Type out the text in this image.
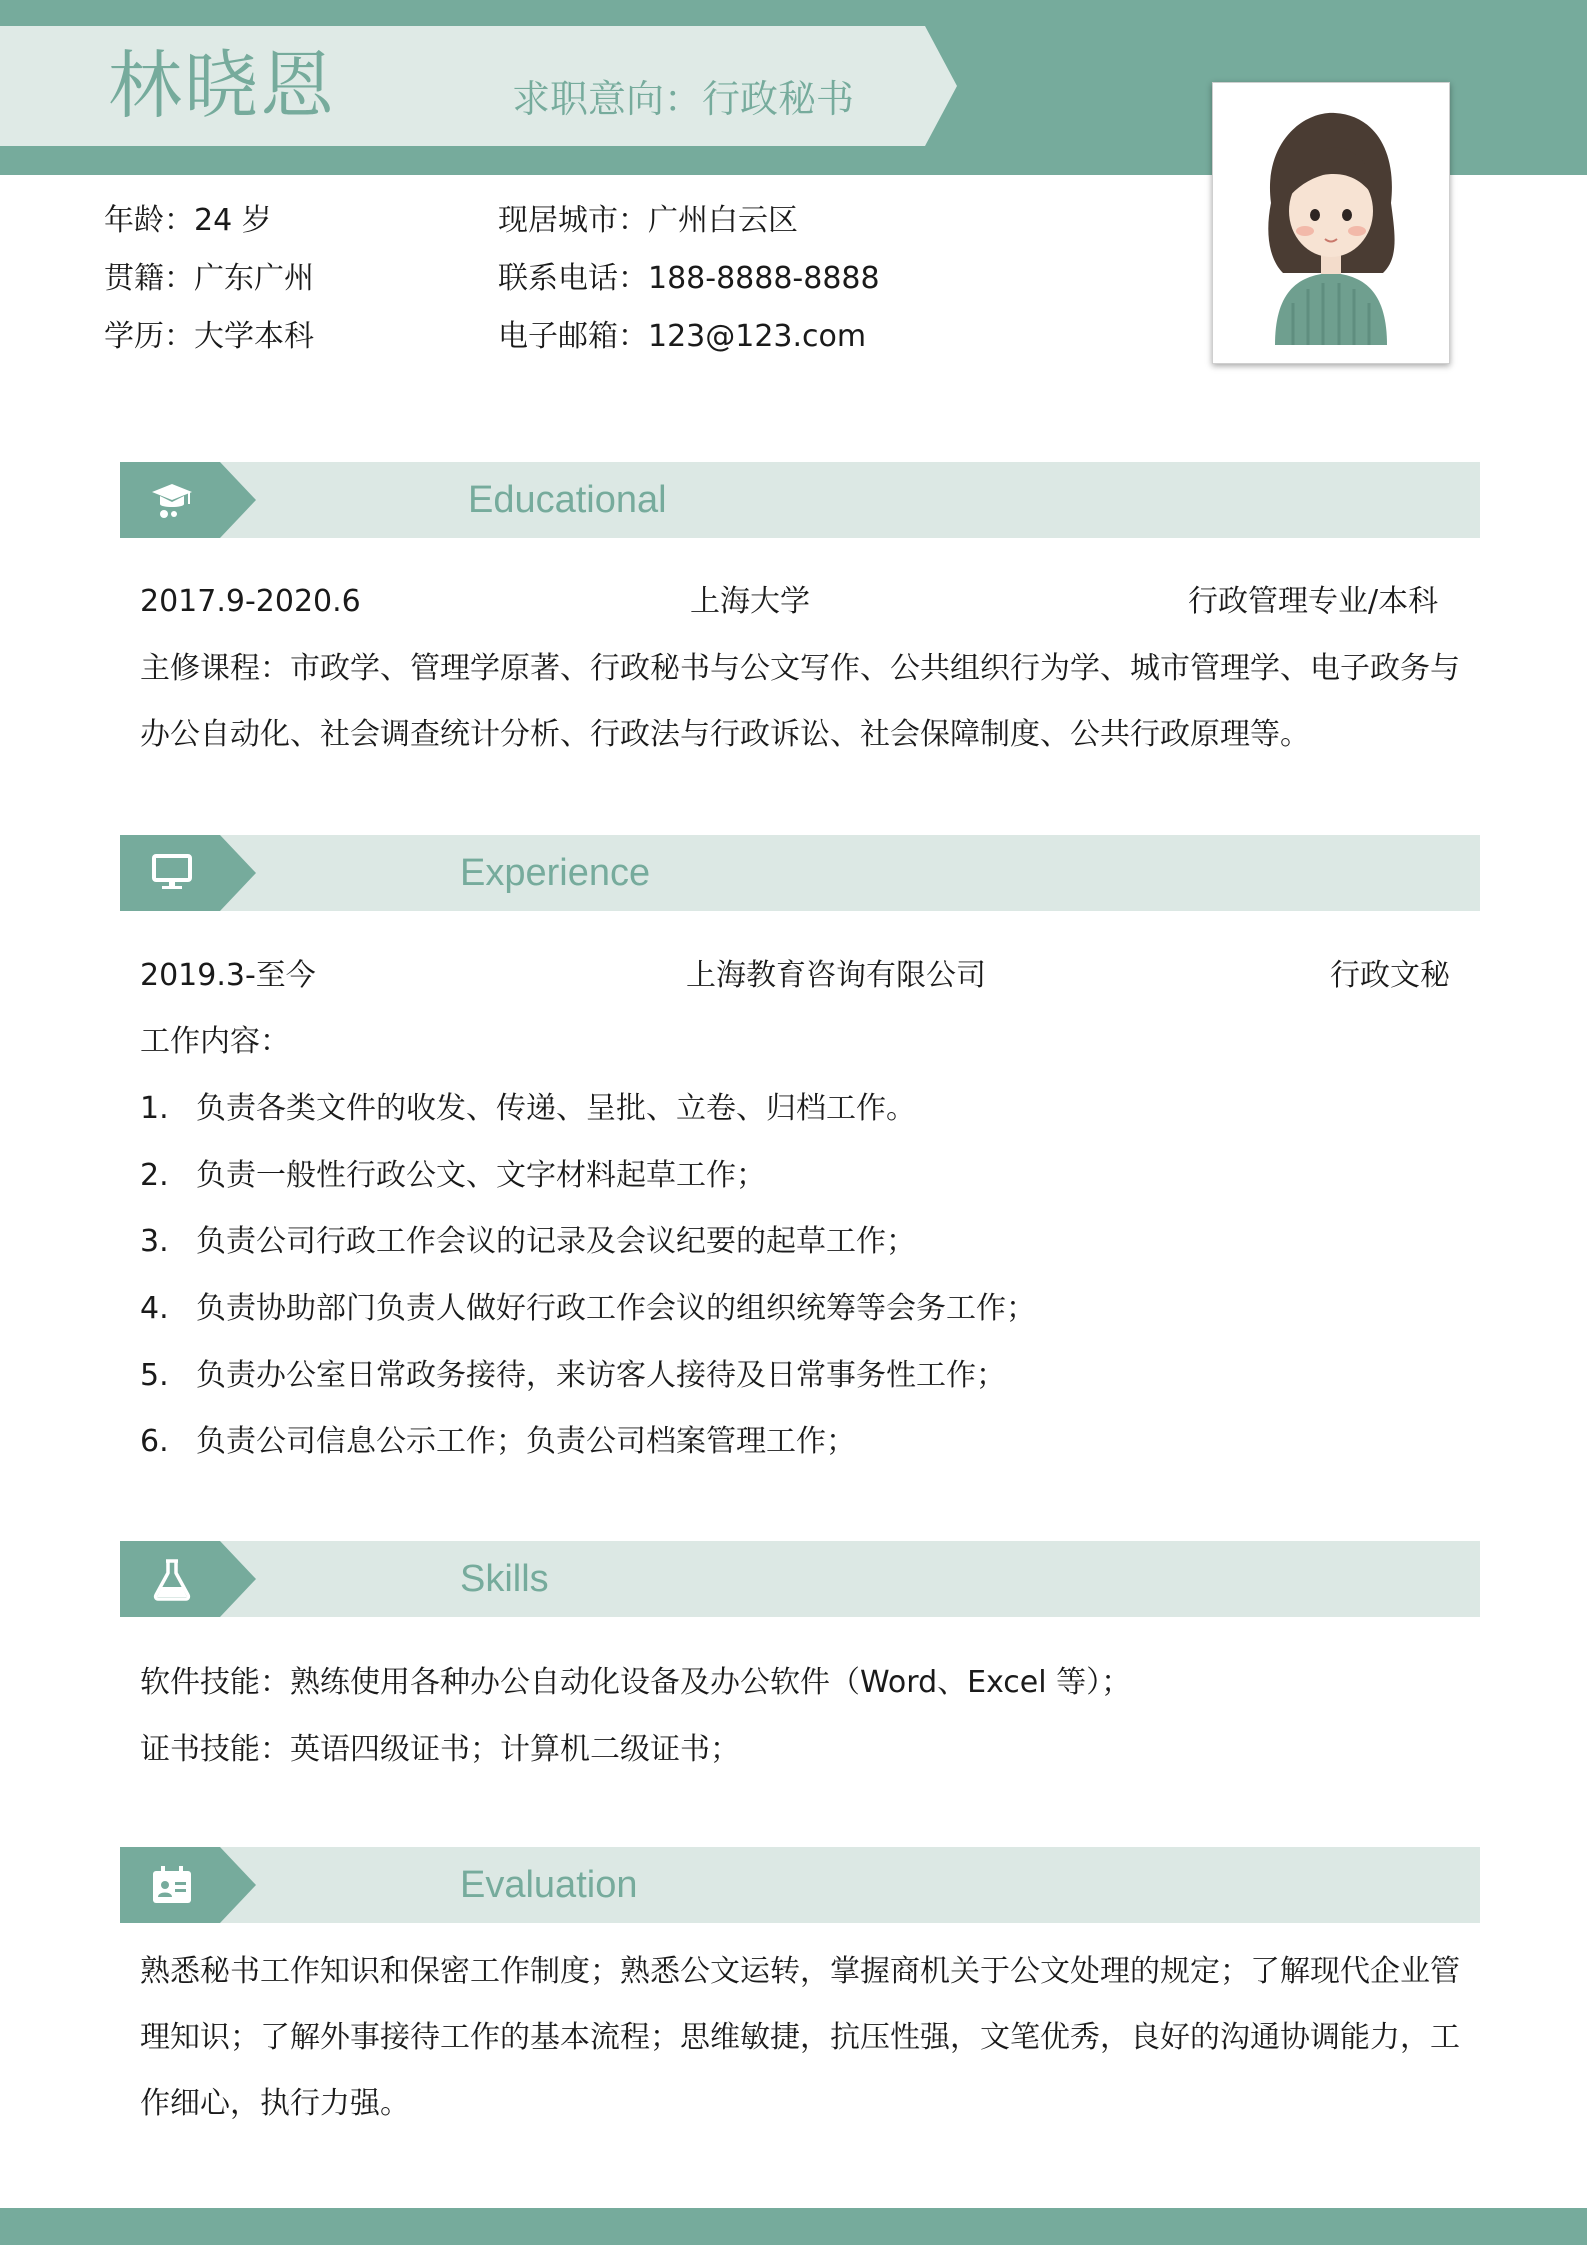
林晓恩	求职意向：行政秘书
年龄：24 岁	现居城市：广州白云区
贯籍：广东广州	联系电话：188-8888-8888
学历：大学本科	电子邮箱：123@123.com
Educational
2017.9-2020.6	上海大学	行政管理专业/本科

主修课程：市政学、管理学原著、行政秘书与公文写作、公共组织行为学、城市管理学、电子政务与办公自动化、社会调查统计分析、行政法与行政诉讼、社会保障制度、公共行政原理等。

Experience
2019.3-至今	上海教育咨询有限公司	行政文秘
工作内容：
1. 负责各类文件的收发、传递、呈批、立卷、归档工作。
2. 负责一般性行政公文、文字材料起草工作；
3. 负责公司行政工作会议的记录及会议纪要的起草工作；
4. 负责协助部门负责人做好行政工作会议的组织统筹等会务工作；
5. 负责办公室日常政务接待，来访客人接待及日常事务性工作；
6. 负责公司信息公示工作；负责公司档案管理工作；
Skills
软件技能：熟练使用各种办公自动化设备及办公软件（Word、Excel 等）；
证书技能：英语四级证书；计算机二级证书；
Evaluation

熟悉秘书工作知识和保密工作制度；熟悉公文运转，掌握商机关于公文处理的规定；了解现代企业管理知识；了解外事接待工作的基本流程；思维敏捷，抗压性强，文笔优秀，良好的沟通协调能力，工作细心，执行力强。
